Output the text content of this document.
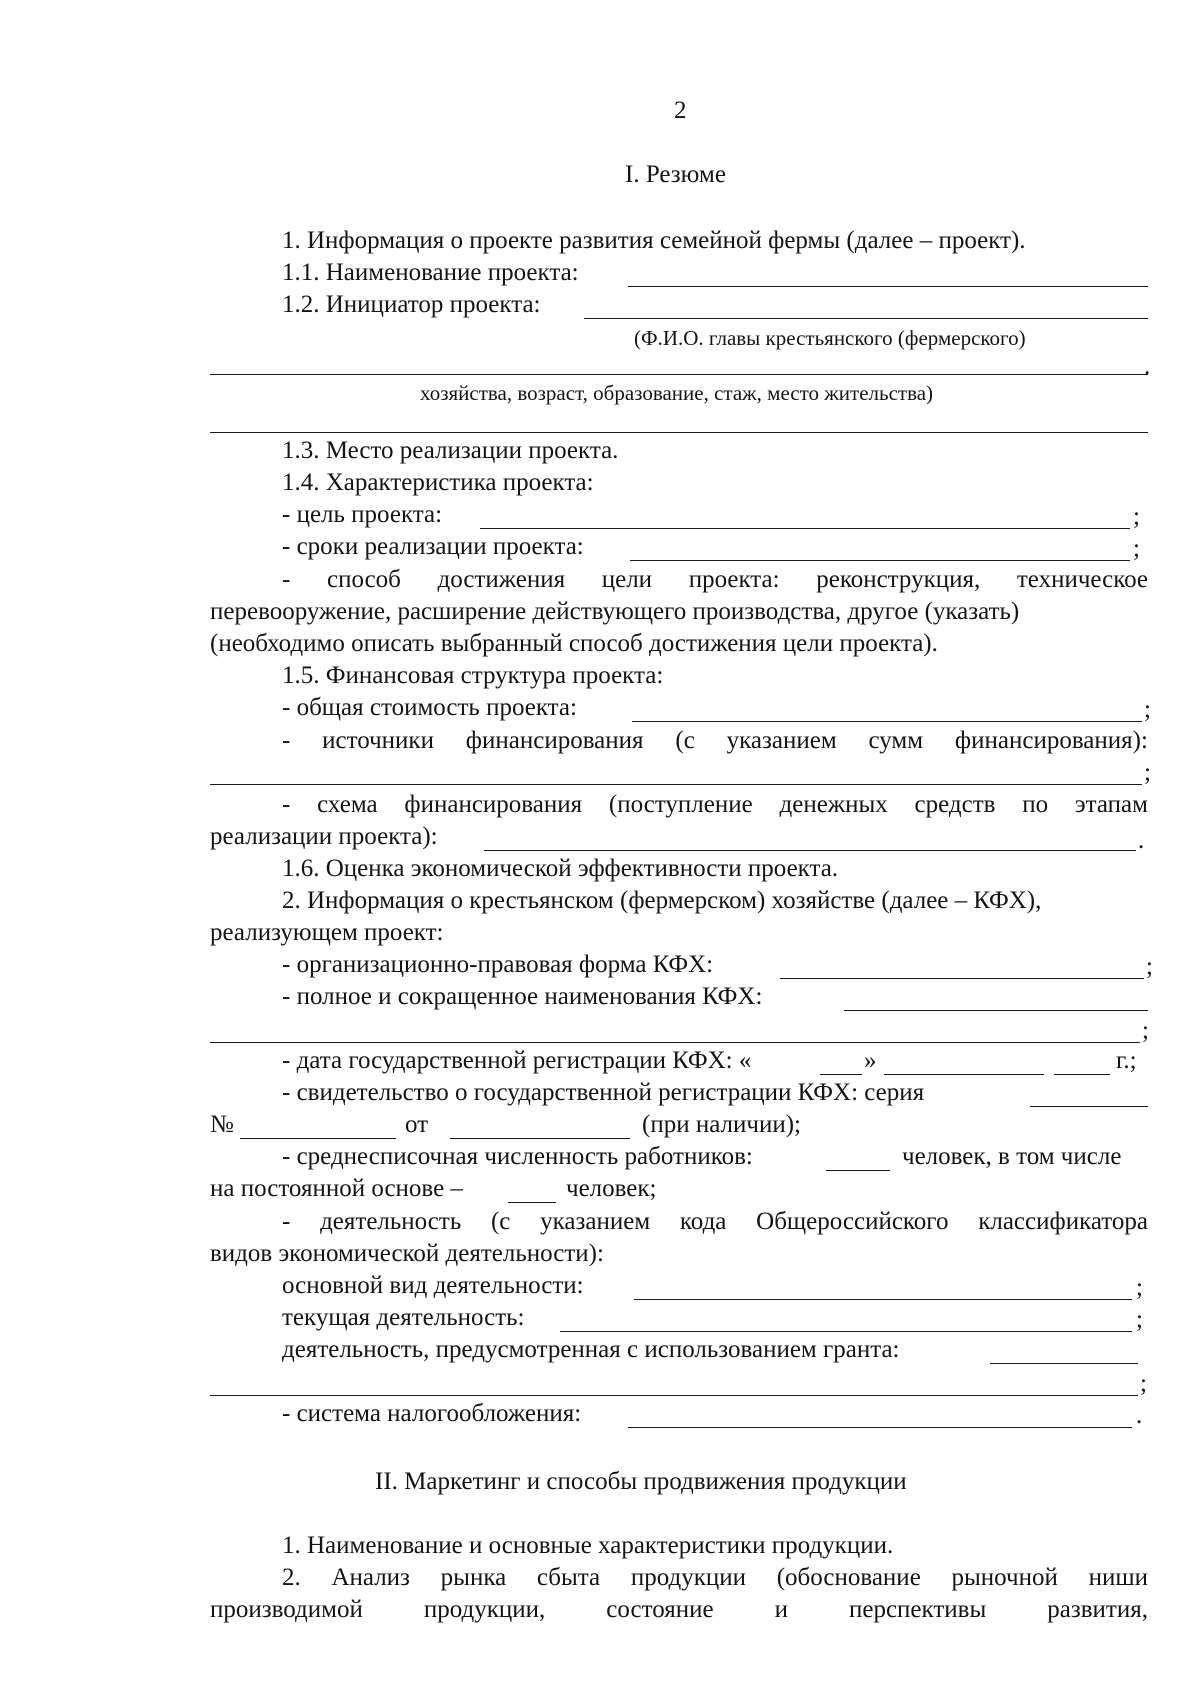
2
I. Резюме
1. Информация о проекте развития семейной фермы (далее – проект).
1.1. Наименование проекта:
1.2. Инициатор проекта:
(Ф.И.О. главы крестьянского (фермерского)
.
хозяйства, возраст, образование, стаж, место жительства)
1.3. Место реализации проекта.
1.4. Характеристика проекта:
- цель проекта:	;
- сроки реализации проекта:	;
- способ достижения цели проекта: реконструкция, техническое
перевооружение, расширение действующего производства, другое (указать)
(необходимо описать выбранный способ достижения цели проекта).
1.5. Финансовая структура проекта:
- общая стоимость проекта:	;
- источники финансирования (с указанием сумм финансирования):
;
- схема финансирования (поступление денежных средств по этапам
реализации проекта):	.
1.6. Оценка экономической эффективности проекта.
2. Информация о крестьянском (фермерском) хозяйстве (далее – КФХ),
реализующем проект:
- организационно-правовая форма КФХ:	;
- полное и сокращенное наименования КФХ:
;
- дата государственной регистрации КФХ: «	»	г.;
- свидетельство о государственной регистрации КФХ: серия
№	от	(при наличии);
- среднесписочная численность работников:	человек, в том числе
на постоянной основе –	человек;
- деятельность (с указанием кода Общероссийского классификатора
видов экономической деятельности):
основной вид деятельности:	;
текущая деятельность:	;
деятельность, предусмотренная с использованием гранта:
;
- система налогообложения:	.
II. Маркетинг и способы продвижения продукции
1. Наименование и основные характеристики продукции.
2. Анализ рынка сбыта продукции (обоснование рыночной ниши
производимой продукции, состояние и перспективы развития,
